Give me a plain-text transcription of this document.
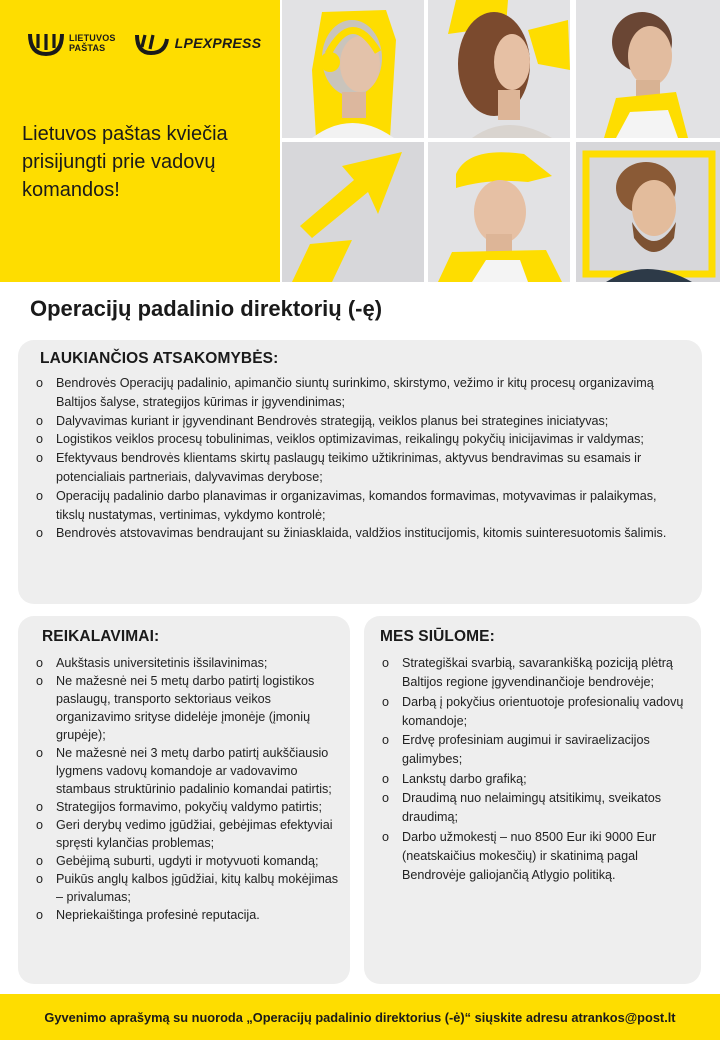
LIETUVOS
PAŠTAS	LPEXPRESS
Lietuvos paštas kviečia prisijungti prie vadovų komandos!
Operacijų padalinio direktorių (-ę)
LAUKIANČIOS ATSAKOMYBĖS:
o Bendrovės Operacijų padalinio, apimančio siuntų surinkimo, skirstymo, vežimo ir kitų procesų organizavimą Baltijos šalyse, strategijos kūrimas ir įgyvendinimas;
o Dalyvavimas kuriant ir įgyvendinant Bendrovės strategiją, veiklos planus bei strategines iniciatyvas;
o Logistikos veiklos procesų tobulinimas, veiklos optimizavimas, reikalingų pokyčių inicijavimas ir valdymas;
o Efektyvaus bendrovės klientams skirtų paslaugų teikimo užtikrinimas, aktyvus bendravimas su esamais ir potencialiais partneriais, dalyvavimas derybose;
o Operacijų padalinio darbo planavimas ir organizavimas, komandos formavimas, motyvavimas ir palaikymas, tikslų nustatymas, vertinimas, vykdymo kontrolė;
o Bendrovės atstovavimas bendraujant su žiniasklaida, valdžios institucijomis, kitomis suinteresuotomis šalimis.
REIKALAVIMAI:
o Aukštasis universitetinis išsilavinimas;
o Ne mažesnė nei 5 metų darbo patirtį logistikos paslaugų, transporto sektoriaus veikos organizavimo srityse didelėje įmonėje (įmonių grupėje);
o Ne mažesnė nei 3 metų darbo patirtį aukščiausio lygmens vadovų komandoje ar vadovavimo stambaus struktūrinio padalinio komandai patirtis;
o Strategijos formavimo, pokyčių valdymo patirtis;
o Geri derybų vedimo įgūdžiai, gebėjimas efektyviai spręsti kylančias problemas;
o Gebėjimą suburti, ugdyti ir motyvuoti komandą;
o Puikūs anglų kalbos įgūdžiai, kitų kalbų mokėjimas – privalumas;
o Nepriekaištinga profesinė reputacija.
MES SIŪLOME:
o Strategiškai svarbią, savarankišką poziciją plėtrą Baltijos regione įgyvendinančioje bendrovėje;
o Darbą į pokyčius orientuotoje profesionalių vadovų komandoje;
o Erdvę profesiniam augimui ir saviraelizacijos galimybes;
o Lankstų darbo grafiką;
o Draudimą nuo nelaimingų atsitikimų, sveikatos draudimą;
o Darbo užmokestį – nuo 8500 Eur iki 9000 Eur (neatskaičius mokesčių) ir skatinimą pagal Bendrovėje galiojančią Atlygio politiką.
Gyvenimo aprašymą su nuoroda „Operacijų padalinio direktorius (-ė)“ siųskite adresu atrankos@post.lt
